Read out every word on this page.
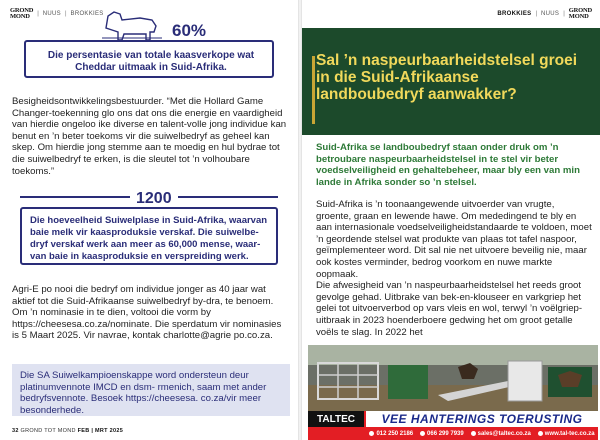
GROND
MOND	| NUUS | BROKKIES
60%
Die persentasie van totale kaasverkope wat Cheddar uitmaak in Suid-Afrika.
Besigheidsontwikkelingsbestuurder. “Met die Hollard Game Changer-toekenning glo ons dat ons die energie en vaardigheid van hierdie ongeloo ike diverse en talent-volle jong individue kan benut en ’n beter toekoms vir die suiwelbedryf as geheel kan skep. Om hierdie jong stemme aan te moedig en hul bydrae tot die suiwelbedryf te erken, is die sleutel tot ’n volhoubare toekoms.”
1200
Die hoeveelheid Suiwelplase in Suid-Afrika, waarvan baie melk vir kaasproduksie verskaf. Die suiwelbe-dryf verskaf werk aan meer as 60,000 mense, waar-van baie in kaasproduksie en verspreiding werk.
Agri-E po nooi die bedryf om individue jonger as 40 jaar wat aktief tot die Suid-Afrikaanse suiwelbedryf by-dra, te benoem. Om ’n nominasie in te dien, voltooi die vorm by https://cheesesa.co.za/nominate. Die sperdatum vir nominasies is 5 Maart 2025. Vir navrae, kontak charlotte@agrie po.co.za.
Die SA Suiwelkampioenskappe word ondersteun deur platinumvennote IMCD en dsm- rmenich, saam met ander bedryfsvennote. Besoek https://cheesesa. co.za/vir meer besonderhede.
32 GROND TOT MOND FEB | MRT 2025
BROKKIES | NUUS | GROND
MOND
Sal ’n naspeurbaarheidstelsel groei in die Suid-Afrikaanse landboubedryf aanwakker?
Suid-Afrika se landboubedryf staan onder druk om ’n betroubare naspeurbaarheidstelsel in te stel vir beter voedselveiligheid en gehaltebeheer, maar bly een van min lande in Afrika sonder so ’n stelsel.
Suid-Afrika is ’n toonaangewende uitvoerder van vrugte, groente, graan en lewende hawe. Om mededingend te bly en aan internasionale voedselveiligheidstandaarde te voldoen, moet ’n geordende stelsel wat produkte van plaas tot tafel naspoor, geïmplementeer word. Dit sal nie net uitvoere beveilig nie, maar ook kostes verminder, bedrog voorkom en nuwe markte oopmaak.
Die afwesigheid van ’n naspeurbaarheidstelsel het reeds groot gevolge gehad. Uitbrake van bek-en-klouseer en varkgriep het gelei tot uitvoerverbod op vars vleis en wol, terwyl ’n voëlgriep-uitbraak in 2023 hoenderboere gedwing het om groot getalle voëls te slag. In 2022 het
TALTEC	VEE HANTERINGS TOERUSTING
012 250 2186 066 299 7939 sales@taltec.co.za www.tal-tec.co.za
